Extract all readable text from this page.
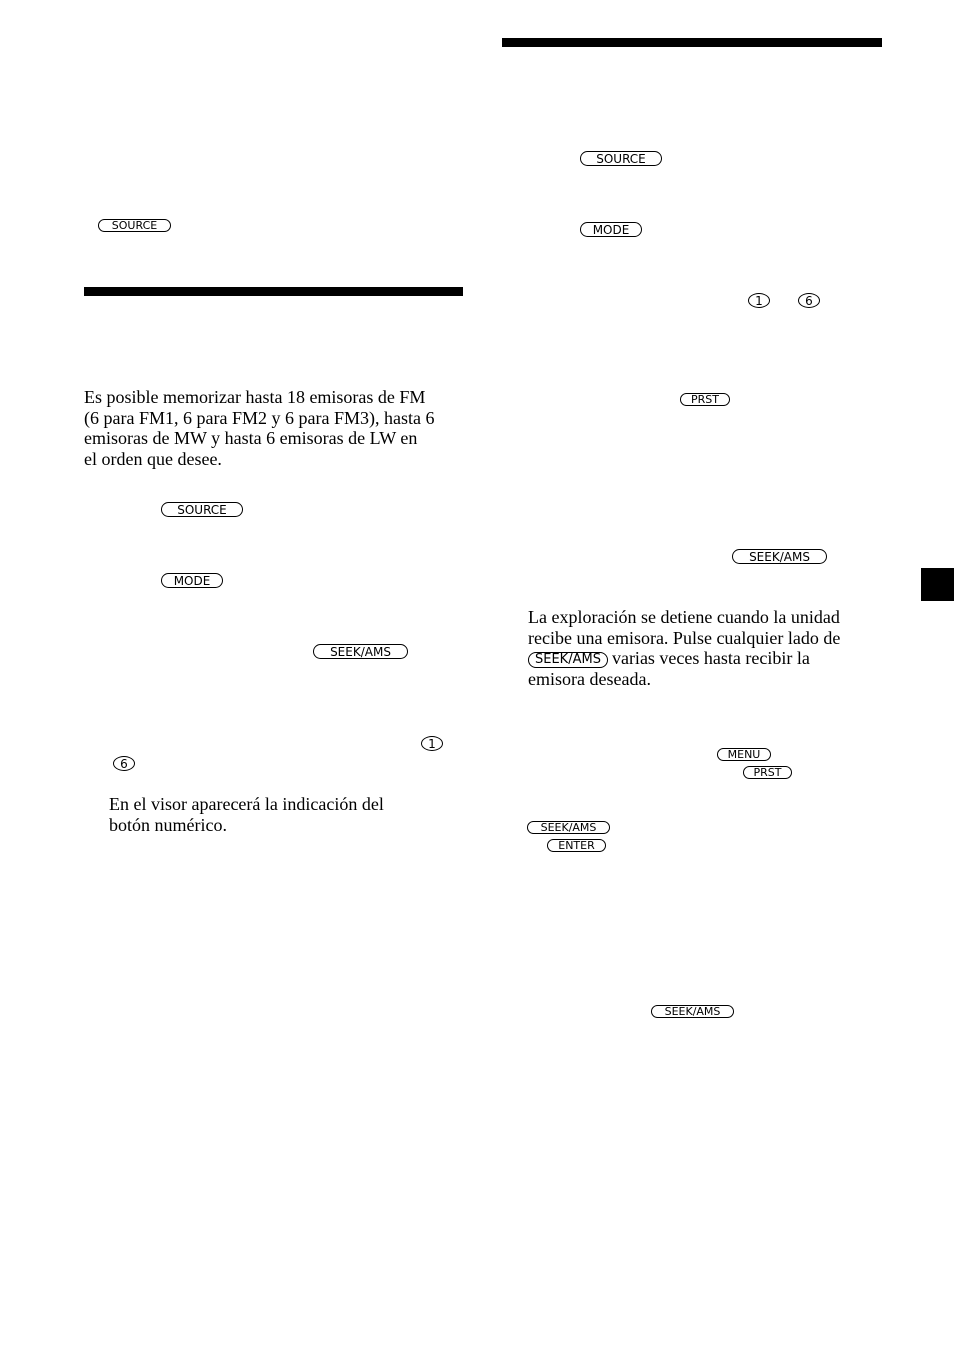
SOURCE
Es posible memorizar hasta 18 emisoras de FM
(6 para FM1, 6 para FM2 y 6 para FM3), hasta 6
emisoras de MW y hasta 6 emisoras de LW en
el orden que desee.
SOURCE
MODE
SEEK/AMS
1
6
En el visor aparecerá la indicación del
botón numérico.
SOURCE
MODE
1	6
PRST
SEEK/AMS
La exploración se detiene cuando la unidad
recibe una emisora. Pulse cualquier lado de
SEEK/AMS varias veces hasta recibir la
emisora deseada.
MENU
PRST
SEEK/AMS
ENTER
SEEK/AMS
